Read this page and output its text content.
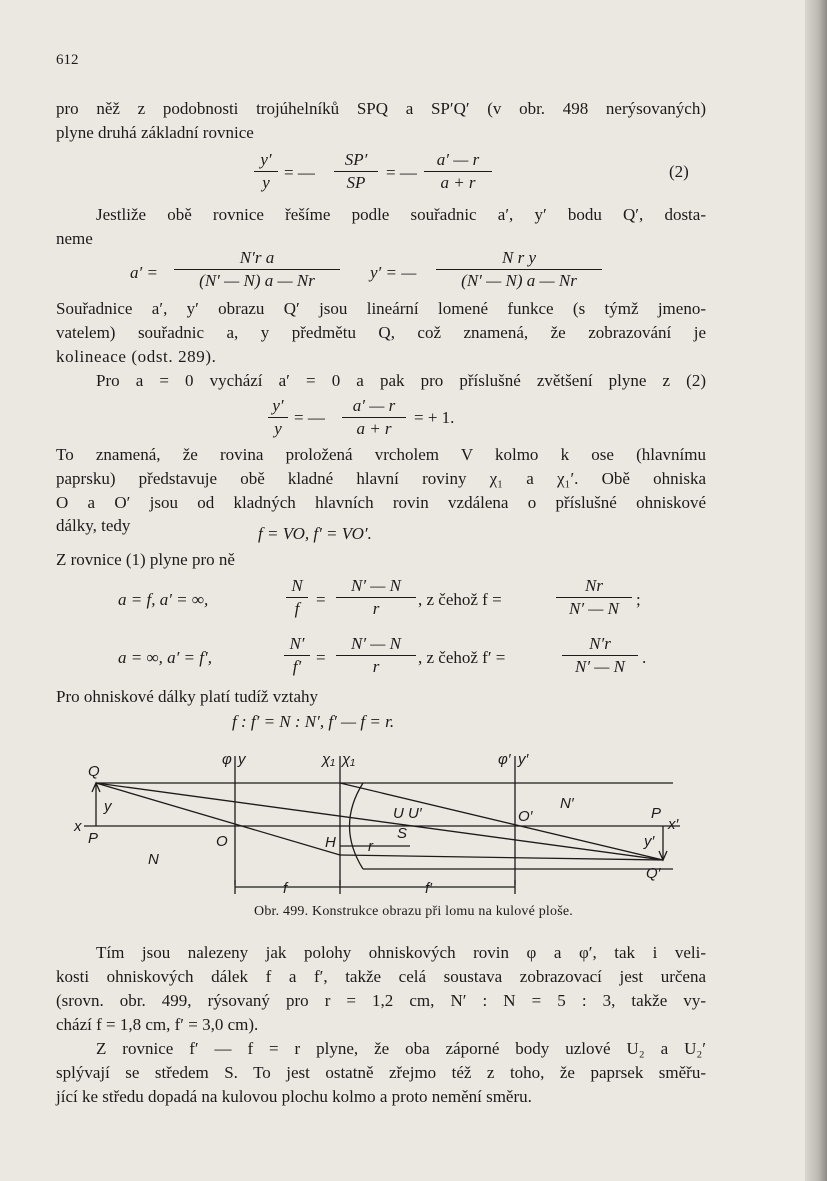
612
pro něž z podobnosti trojúhelníků SPQ a SP′Q′ (v obr. 498 nerýsovaných)
plyne druhá základní rovnice
$\frac{y'}{y}$ = — $\frac{SP'}{SP}$ = — $\frac{a' — r}{a + r}$	(2)
Jestliže obě rovnice řešíme podle souřadnic a′, y′ bodu Q′, dosta-
neme
$a' = \frac{\text{N′r a}}{(N' — N) a — Nr} y'$ = — $\frac{\text{N r y}}{(N' — N) a — Nr}$
Souřadnice a′, y′ obrazu Q′ jsou lineární lomené funkce (s týmž jmeno-
vatelem) souřadnic a, y předmětu Q, což znamená, že zobrazování je
kolineace (odst. 289).
Pro a = 0 vychází a′ = 0 a pak pro příslušné zvětšení plyne z (2)
$\frac{y'}{y}$ = — $\frac{a' — r}{a + r}$ = + 1.
To znamená, že rovina proložená vrcholem V kolmo k ose (hlavnímu
paprsku) představuje obě kladné hlavní roviny χ₁ a χ₁′. Obě ohniska
O a O′ jsou od kladných hlavních rovin vzdálena o příslušné ohniskové
dálky, tedy	f = VO, f′ = VO′.
Z rovnice (1) plyne pro ně
a = f, a′ = ∞,	$\frac{N}{f} = \frac{N' — N}{r}$ , z čehož f =	$\frac{Nr}{N' — N}$ ;
a = ∞, a′ = f′,	$\frac{N'}{f'} = \frac{N' — N}{r}$ , z čehož f′ =	$\frac{N'r}{N' — N}$ .
Pro ohniskové dálky platí tudíž vztahy
f : f′ = N : N′, f′ — f = r.
Q
y
x
P
N
φ y
O
χ₁ χ₁
H r
S
U U′
φ′ y′
O′
N′
P
x′
y′
Q′
f	f′
Obr. 499. Konstrukce obrazu při lomu na kulové ploše.
Tím jsou nalezeny jak polohy ohniskových rovin φ a φ′, tak i veli-
kosti ohniskových dálek f a f′, takže celá soustava zobrazovací jest určena
(srovn. obr. 499, rýsovaný pro r = 1,2 cm, N′ : N = 5 : 3, takže vy-
chází f = 1,8 cm, f′ = 3,0 cm).
Z rovnice f′ — f = r plyne, že oba záporné body uzlové U₂ a U₂′
splývají se středem S. To jest ostatně zřejmo též z toho, že paprsek směřu-
jící ke středu dopadá na kulovou plochu kolmo a proto nemění směru.
